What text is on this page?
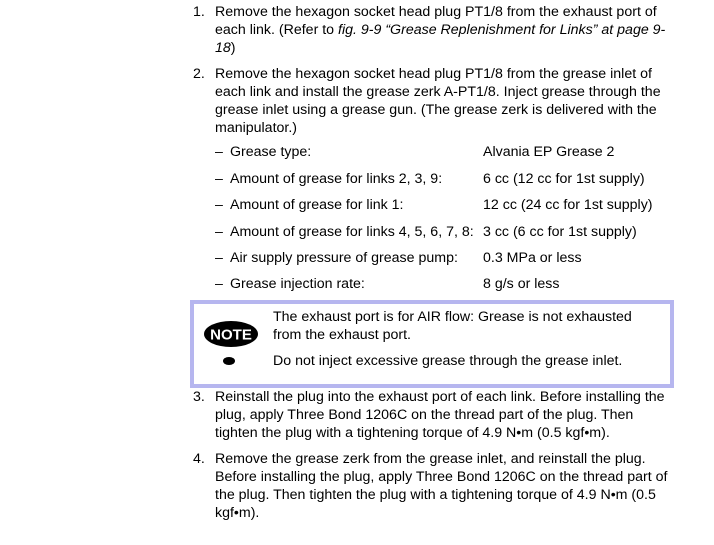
1. Remove the hexagon socket head plug PT1/8 from the exhaust port of each link. (Refer to fig. 9-9 “Grease Replenishment for Links” at page 9-18)
2. Remove the hexagon socket head plug PT1/8 from the grease inlet of each link and install the grease zerk A-PT1/8. Inject grease through the grease inlet using a grease gun. (The grease zerk is delivered with the manipulator.)
– Grease type:	Alvania EP Grease 2
– Amount of grease for links 2, 3, 9:	6 cc (12 cc for 1st supply)
– Amount of grease for link 1:	12 cc (24 cc for 1st supply)
– Amount of grease for links 4, 5, 6, 7, 8: 3 cc (6 cc for 1st supply)
– Air supply pressure of grease pump: 0.3 MPa or less
– Grease injection rate:	8 g/s or less
NOTE
The exhaust port is for AIR flow: Grease is not exhausted from the exhaust port.
Do not inject excessive grease through the grease inlet.
3. Reinstall the plug into the exhaust port of each link. Before installing the plug, apply Three Bond 1206C on the thread part of the plug. Then tighten the plug with a tightening torque of 4.9 N•m (0.5 kgf•m).
4. Remove the grease zerk from the grease inlet, and reinstall the plug. Before installing the plug, apply Three Bond 1206C on the thread part of the plug. Then tighten the plug with a tightening torque of 4.9 N•m (0.5 kgf•m).
